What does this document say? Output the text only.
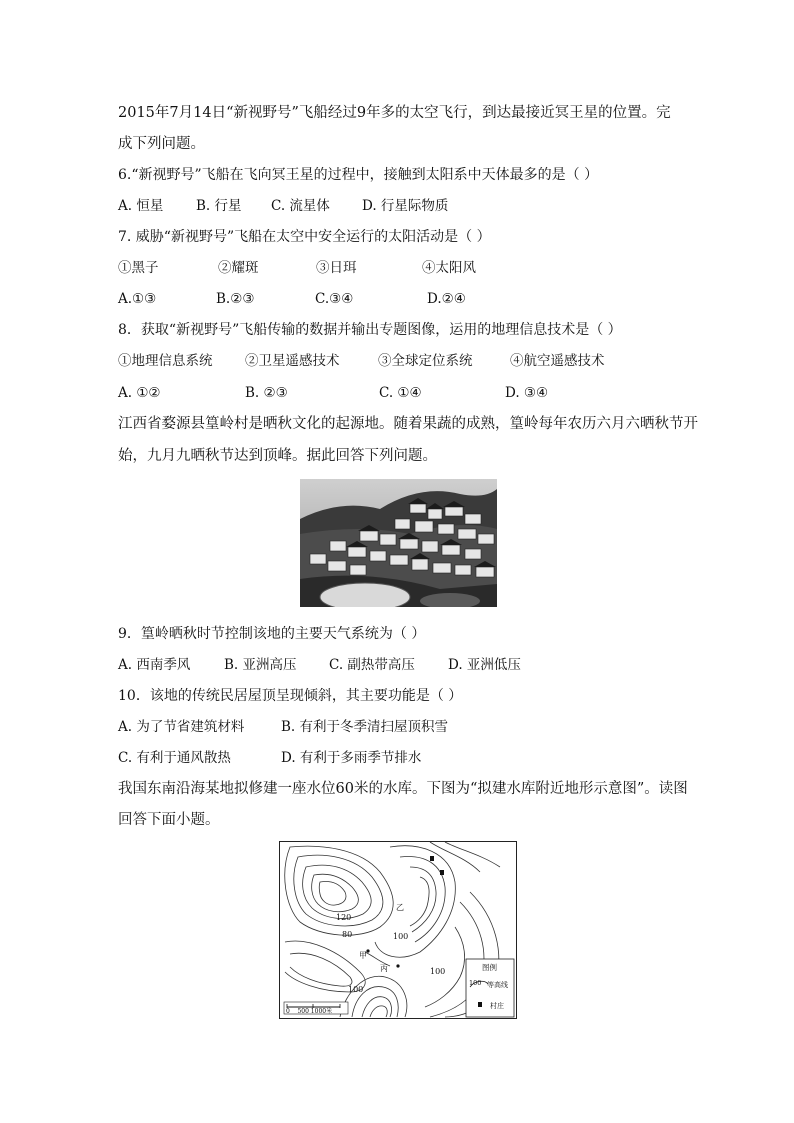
2015年7月14日“新视野号”飞船经过9年多的太空飞行，到达最接近冥王星的位置。完
成下列问题。
6.“新视野号”飞船在飞向冥王星的过程中，接触到太阳系中天体最多的是（ ）
A. 恒星 B. 行星 C. 流星体 D. 行星际物质
7. 威胁“新视野号”飞船在太空中安全运行的太阳活动是（ ）
①黑子	②耀斑	③日珥	④太阳风
A.①③	B.②③	C.③④	D.②④
8．获取“新视野号”飞船传输的数据并输出专题图像，运用的地理信息技术是（ ）
①地理信息系统 ②卫星遥感技术	③全球定位系统	④航空遥感技术
A. ①②	B. ②③	C. ①④	D. ③④
江西省婺源县篁岭村是晒秋文化的起源地。随着果蔬的成熟，篁岭每年农历六月六晒秋节开
始，九月九晒秋节达到顶峰。据此回答下列问题。
9．篁岭晒秋时节控制该地的主要天气系统为（ ）
A. 西南季风 B. 亚洲高压 C. 副热带高压 D. 亚洲低压
10．该地的传统民居屋顶呈现倾斜，其主要功能是（ ）
A. 为了节省建筑材料	B. 有利于冬季清扫屋顶积雪
C. 有利于通风散热	D. 有利于多雨季节排水
我国东南沿海某地拟修建一座水位60米的水库。下图为“拟建水库附近地形示意图”。读图
回答下面小题。
120
80	100
甲
乙
丙
100
100	图例
100 等高线
村庄
0    500 1000米
